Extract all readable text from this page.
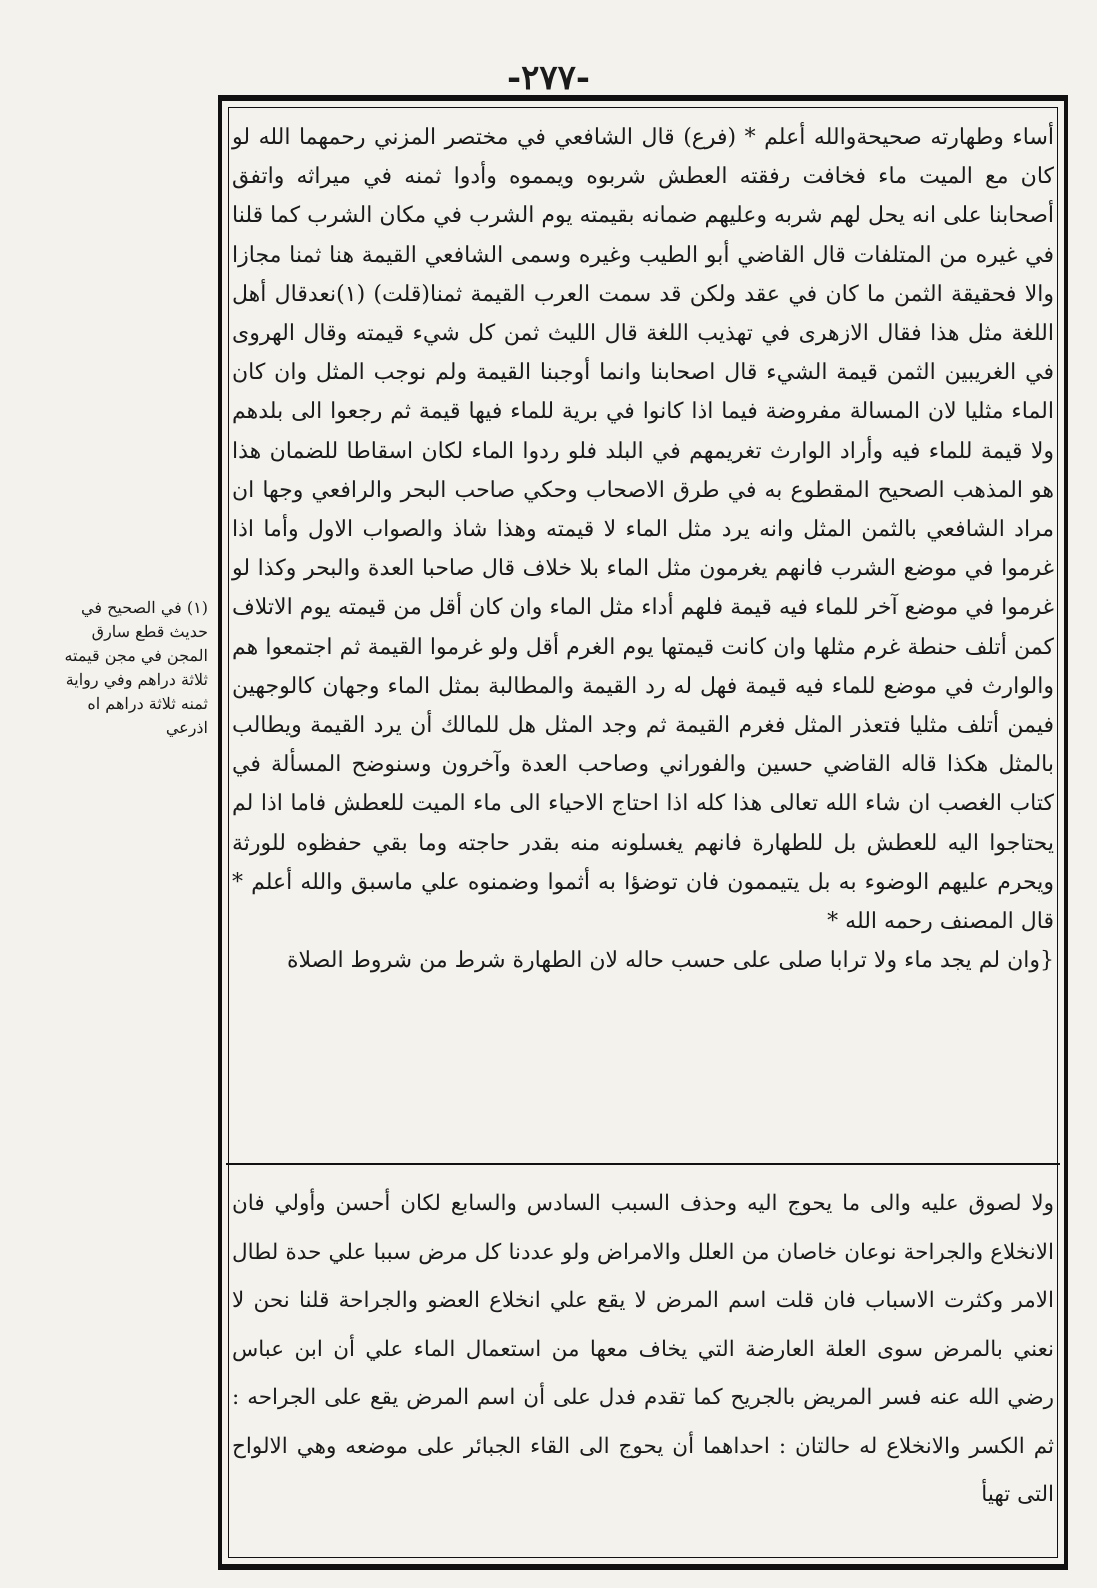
-٢٧٧-

أساء وطهارته صحيحةوالله أعلم * (فرع) قال الشافعي في مختصر المزني رحمهما الله لو كان مع الميت ماء فخافت رفقته العطش شربوه ويمموه وأدوا ثمنه في ميراثه واتفق أصحابنا على انه يحل لهم شربه وعليهم ضمانه بقيمته يوم الشرب في مكان الشرب كما قلنا في غيره من المتلفات قال القاضي أبو الطيب وغيره وسمى الشافعي القيمة هنا ثمنا مجازا والا فحقيقة الثمن ما كان في عقد ولكن قد سمت العرب القيمة ثمنا(قلت) (١)نعدقال أهل اللغة مثل هذا فقال الازهرى في تهذيب اللغة قال الليث ثمن كل شيء قيمته وقال الهروى في الغريبين الثمن قيمة الشيء قال اصحابنا وانما أوجبنا القيمة ولم نوجب المثل وان كان الماء مثليا لان المسالة مفروضة فيما اذا كانوا في برية للماء فيها قيمة ثم رجعوا الى بلدهم ولا قيمة للماء فيه وأراد الوارث تغريمهم في البلد فلو ردوا الماء لكان اسقاطا للضمان هذا هو المذهب الصحيح المقطوع به في طرق الاصحاب وحكي صاحب البحر والرافعي وجها ان مراد الشافعي بالثمن المثل وانه يرد مثل الماء لا قيمته وهذا شاذ والصواب الاول وأما اذا غرموا في موضع الشرب فانهم يغرمون مثل الماء بلا خلاف قال صاحبا العدة والبحر وكذا لو غرموا في موضع آخر للماء فيه قيمة فلهم أداء مثل الماء وان كان أقل من قيمته يوم الاتلاف كمن أتلف حنطة غرم مثلها وان كانت قيمتها يوم الغرم أقل ولو غرموا القيمة ثم اجتمعوا هم والوارث في موضع للماء فيه قيمة فهل له رد القيمة والمطالبة بمثل الماء وجهان كالوجهين فيمن أتلف مثليا فتعذر المثل فغرم القيمة ثم وجد المثل هل للمالك أن يرد القيمة ويطالب بالمثل هكذا قاله القاضي حسين والفوراني وصاحب العدة وآخرون وسنوضح المسألة في كتاب الغصب ان شاء الله تعالى هذا كله اذا احتاج الاحياء الى ماء الميت للعطش فاما اذا لم يحتاجوا اليه للعطش بل للطهارة فانهم يغسلونه منه بقدر حاجته وما بقي حفظوه للورثة ويحرم عليهم الوضوء به بل يتيممون فان توضؤا به أثموا وضمنوه علي ماسبق والله أعلم * قال المصنف رحمه الله *

{وان لم يجد ماء ولا ترابا صلى على حسب حاله لان الطهارة شرط من شروط الصلاة

ولا لصوق عليه والى ما يحوج اليه وحذف السبب السادس والسابع لكان أحسن وأولي فان الانخلاع والجراحة نوعان خاصان من العلل والامراض ولو عددنا كل مرض سببا علي حدة لطال الامر وكثرت الاسباب فان قلت اسم المرض لا يقع علي انخلاع العضو والجراحة قلنا نحن لا نعني بالمرض سوى العلة العارضة التي يخاف معها من استعمال الماء علي أن ابن عباس رضي الله عنه فسر المريض بالجريح كما تقدم فدل على أن اسم المرض يقع على الجراحه : ثم الكسر والانخلاع له حالتان : احداهما أن يحوج الى القاء الجبائر على موضعه وهي الالواح التى تهيأ

(١) في الصحيح في حديث قطع سارق المجن في مجن قيمته ثلاثة دراهم وفي رواية ثمنه ثلاثة دراهم اه اذرعي
